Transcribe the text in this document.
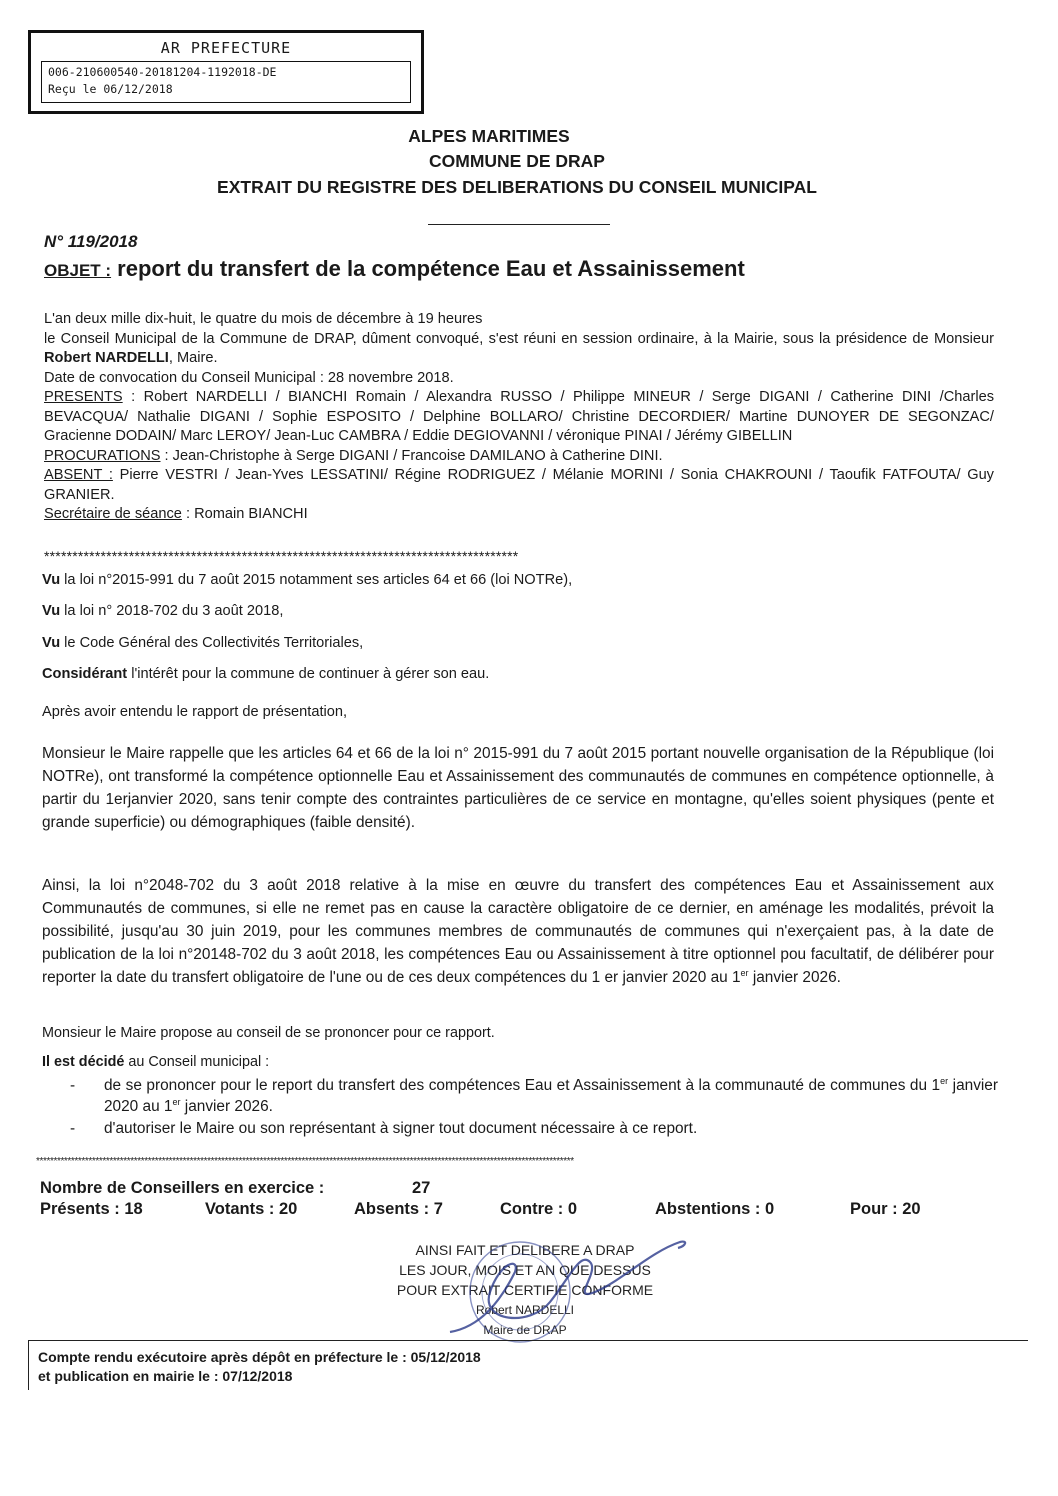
AR PREFECTURE
006-210600540-20181204-1192018-DE
Reçu le 06/12/2018
ALPES MARITIMES
COMMUNE DE DRAP
EXTRAIT DU REGISTRE DES DELIBERATIONS DU CONSEIL MUNICIPAL
N° 119/2018
OBJET : report du transfert de la compétence Eau et Assainissement
L'an deux mille dix-huit, le quatre du mois de décembre à 19 heures
le Conseil Municipal de la Commune de DRAP, dûment convoqué, s'est réuni en session ordinaire, à la Mairie, sous la présidence de Monsieur Robert NARDELLI, Maire.
Date de convocation du Conseil Municipal : 28 novembre 2018.
PRESENTS : Robert NARDELLI / BIANCHI Romain / Alexandra RUSSO / Philippe MINEUR / Serge DIGANI / Catherine DINI /Charles BEVACQUA/ Nathalie DIGANI / Sophie ESPOSITO / Delphine BOLLARO/ Christine DECORDIER/ Martine DUNOYER DE SEGONZAC/ Gracienne DODAIN/ Marc LEROY/ Jean-Luc CAMBRA / Eddie DEGIOVANNI / véronique PINAI / Jérémy GIBELLIN
PROCURATIONS : Jean-Christophe à Serge DIGANI / Francoise DAMILANO à Catherine DINI.
ABSENT : Pierre VESTRI / Jean-Yves LESSATINI/ Régine RODRIGUEZ / Mélanie MORINI / Sonia CHAKROUNI / Taoufik FATFOUTA/ Guy GRANIER.
Secrétaire de séance : Romain BIANCHI
************************************************************************************
Vu la loi n°2015-991 du 7 août 2015 notamment ses articles 64 et 66 (loi NOTRe),
Vu la loi n° 2018-702 du 3 août 2018,
Vu le Code Général des Collectivités Territoriales,
Considérant l'intérêt pour la commune de continuer à gérer son eau.
Après avoir entendu le rapport de présentation,
Monsieur le Maire rappelle que les articles 64 et 66 de la loi n° 2015-991 du 7 août 2015 portant nouvelle organisation de la République (loi NOTRe), ont transformé la compétence optionnelle Eau et Assainissement des communautés de communes en compétence optionnelle, à partir du 1erjanvier 2020, sans tenir compte des contraintes particulières de ce service en montagne, qu'elles soient physiques (pente et grande superficie) ou démographiques (faible densité).
Ainsi, la loi n°2048-702 du 3 août 2018 relative à la mise en œuvre du transfert des compétences Eau et Assainissement aux Communautés de communes, si elle ne remet pas en cause la caractère obligatoire de ce dernier, en aménage les modalités, prévoit la possibilité, jusqu'au 30 juin 2019, pour les communes membres de communautés de communes qui n'exerçaient pas, à la date de publication de la loi n°20148-702 du 3 août 2018, les compétences Eau ou Assainissement à titre optionnel pou facultatif, de délibérer pour reporter la date du transfert obligatoire de l'une ou de ces deux compétences du 1 er janvier 2020 au 1er janvier 2026.
Monsieur le Maire propose au conseil de se prononcer pour ce rapport.
Il est décidé au Conseil municipal :
- de se prononcer pour le report du transfert des compétences Eau et Assainissement à la communauté de communes du 1er janvier 2020 au 1er janvier 2026.
- d'autoriser le Maire ou son représentant à signer tout document nécessaire à ce report.
**********************************************************************************************************************************************************
Nombre de Conseillers en exercice :	27
Présents : 18	Votants : 20	Absents : 7	Contre : 0	Abstentions : 0	Pour : 20
AINSI FAIT ET DELIBERE A DRAP
LES JOUR, MOIS ET AN QUE DESSUS
POUR EXTRAIT CERTIFIE CONFORME
Robert NARDELLI
Maire de DRAP
Compte rendu exécutoire après dépôt en préfecture le : 05/12/2018
et publication en mairie le : 07/12/2018
